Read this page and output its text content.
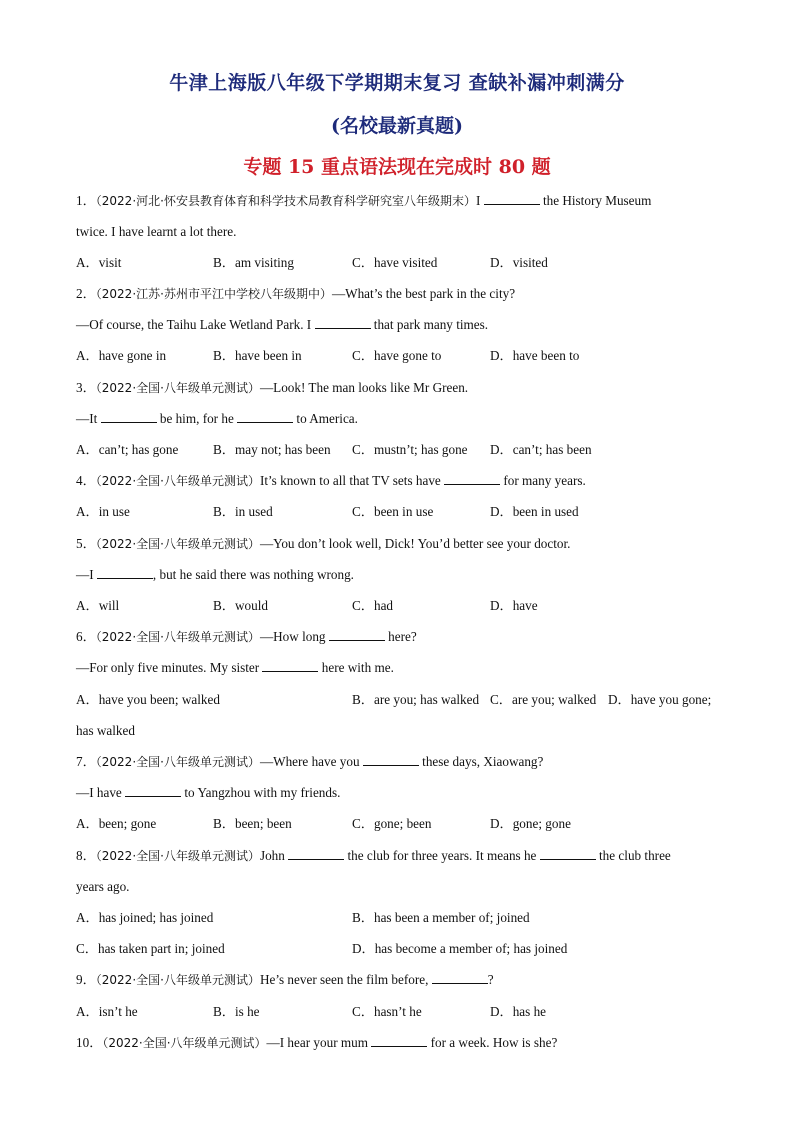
牛津上海版八年级下学期期末复习 查缺补漏冲刺满分
(名校最新真题)
专题 15 重点语法现在完成时 80 题
1．（2022·河北·怀安县教育体育和科学技术局教育科学研究室八年级期末）I	the History Museum
twice. I have learnt a lot there.
A．visit	B．am visiting	C．have visited	D．visited
2．（2022·江苏·苏州市平江中学校八年级期中）—What’s the best park in the city?
—Of course, the Taihu Lake Wetland Park. I	that park many times.
A．have gone in	B．have been in	C．have gone to	D．have been to
3．（2022·全国·八年级单元测试）—Look! The man looks like Mr Green.
—It	be him, for he	to America.
A．can’t; has gone	B．may not; has been C．mustn’t; has gone D．can’t; has been
4．（2022·全国·八年级单元测试）It’s known to all that TV sets have	for many years.
A．in use	B．in used	C．been in use	D．been in used
5．（2022·全国·八年级单元测试）—You don’t look well, Dick! You’d better see your doctor.
—I	, but he said there was nothing wrong.
A．will	B．would	C．had	D．have
6．（2022·全国·八年级单元测试）—How long	here?
—For only five minutes. My sister	here with me.
A．have you been; walked	B．are you; has walked C．are you; walked D．have you gone;
has walked
7．（2022·全国·八年级单元测试）—Where have you	these days, Xiaowang?
—I have	to Yangzhou with my friends.
A．been; gone	B．been; been	C．gone; been	D．gone; gone
8．（2022·全国·八年级单元测试）John	the club for three years. It means he	the club three
years ago.
A．has joined; has joined	B．has been a member of; joined
C．has taken part in; joined	D．has become a member of; has joined
9．（2022·全国·八年级单元测试）He’s never seen the film before,	?
A．isn’t he	B．is he	C．hasn’t he	D．has he
10．（2022·全国·八年级单元测试）—I hear your mum	for a week. How is she?
